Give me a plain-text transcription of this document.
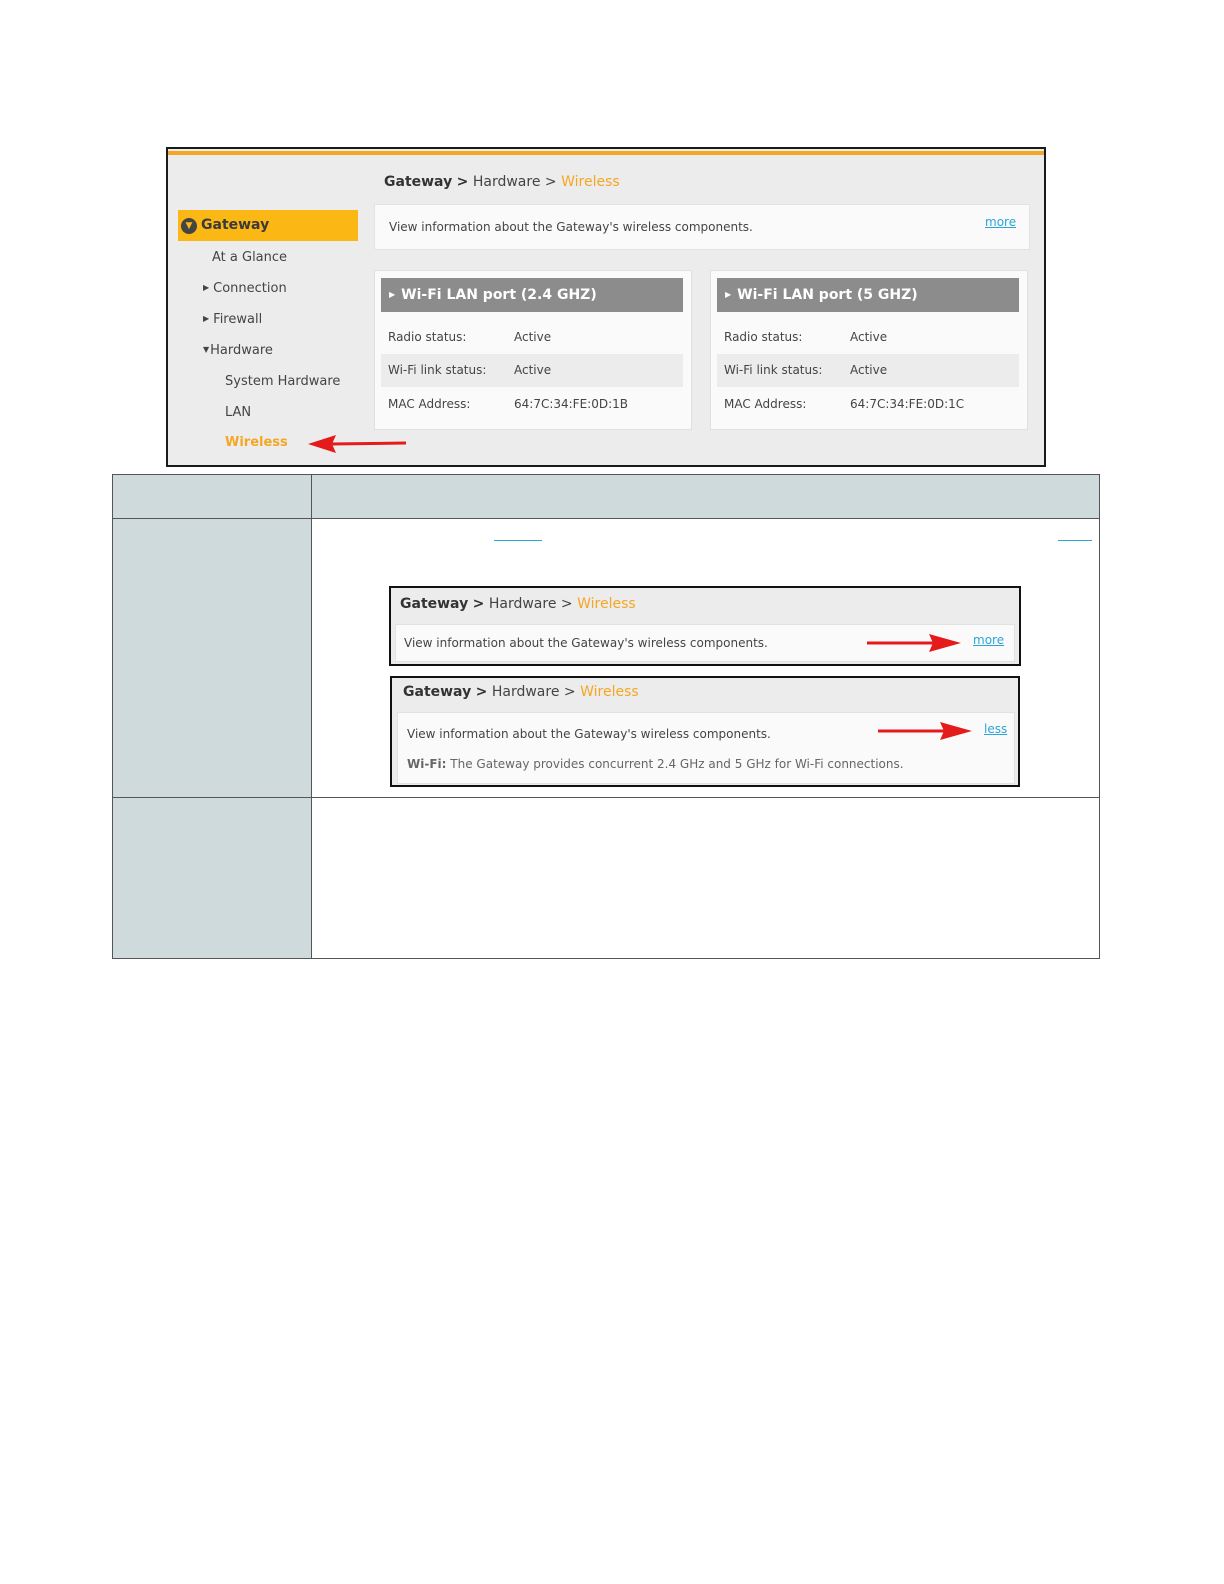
Gateway > Hardware > Wireless
▼ Gateway
At a Glance
▶ Connection
▶ Firewall
▼Hardware
System Hardware
LAN
Wireless
View information about the Gateway's wireless components.	more
▶ Wi-Fi LAN port (2.4 GHZ)
Radio status:	Active
Wi-Fi link status: Active
MAC Address:	64:7C:34:FE:0D:1B
▶ Wi-Fi LAN port (5 GHZ)
Radio status:	Active
Wi-Fi link status: Active
MAC Address:	64:7C:34:FE:0D:1C
Gateway > Hardware > Wireless
View information about the Gateway's wireless components.	more
Gateway > Hardware > Wireless
View information about the Gateway's wireless components.	less
Wi-Fi: The Gateway provides concurrent 2.4 GHz and 5 GHz for Wi-Fi connections.
